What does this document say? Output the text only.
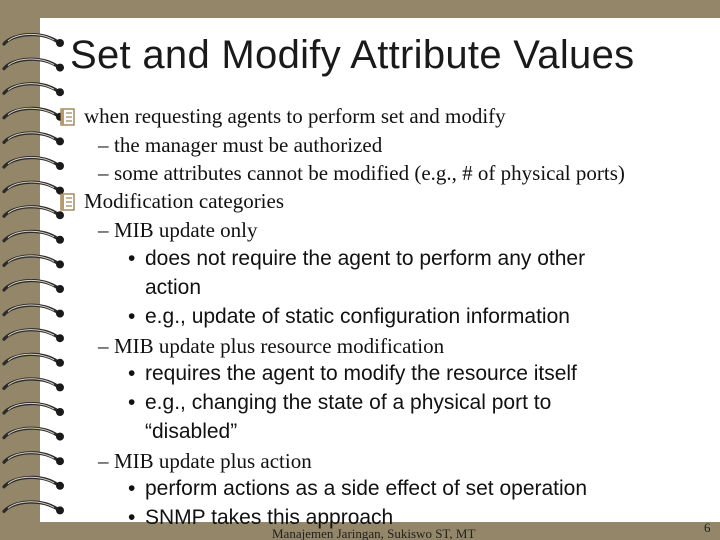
Set and Modify Attribute Values
when requesting agents to perform set and modify
– the manager must be authorized
– some attributes cannot be modified (e.g., # of physical ports)
Modification categories
– MIB update only
• does not require the agent to perform any other
action
• e.g., update of static configuration information
– MIB update plus resource modification
• requires the agent to modify the resource itself
• e.g., changing the state of a physical port to
“disabled”
– MIB update plus action
• perform actions as a side effect of set operation
• SNMP takes this approach
Manajemen Jaringan, Sukiswo ST, MT	6
